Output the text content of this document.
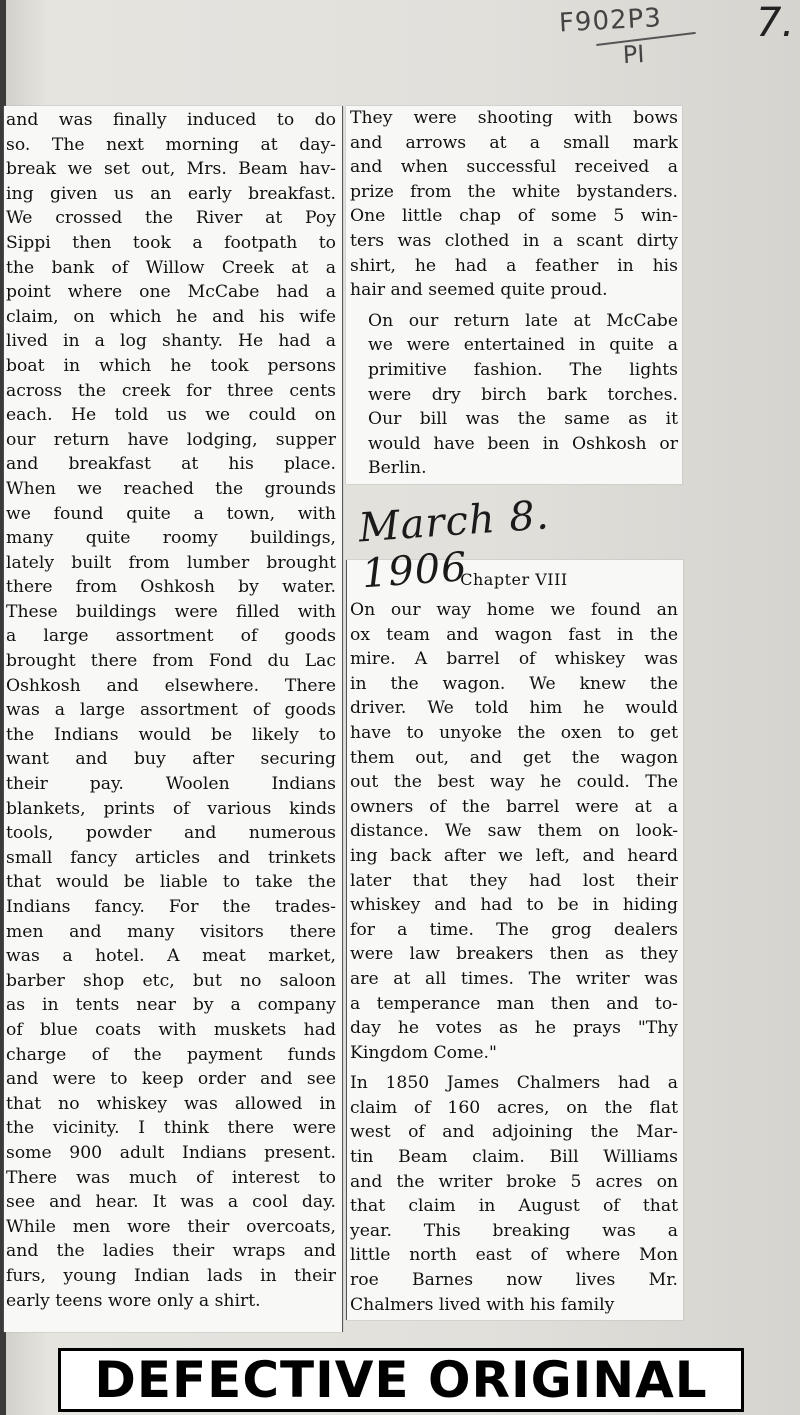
F902P3
PI
7.
and was finally induced to do
so. The next morning at day-
break we set out, Mrs. Beam hav-
ing given us an early breakfast.
We crossed the River at Poy
Sippi then took a footpath to
the bank of Willow Creek at a
point where one McCabe had a
claim, on which he and his wife
lived in a log shanty. He had a
boat in which he took persons
across the creek for three cents
each. He told us we could on
our return have lodging, supper
and breakfast at his place.
When we reached the grounds
we found quite a town, with
many quite roomy buildings,
lately built from lumber brought
there from Oshkosh by water.
These buildings were filled with
a large assortment of goods
brought there from Fond du Lac
Oshkosh and elsewhere. There
was a large assortment of goods
the Indians would be likely to
want and buy after securing
their pay. Woolen Indians
blankets, prints of various kinds
tools, powder and numerous
small fancy articles and trinkets
that would be liable to take the
Indians fancy. For the trades-
men and many visitors there
was a hotel. A meat market,
barber shop etc, but no saloon
as in tents near by a company
of blue coats with muskets had
charge of the payment funds
and were to keep order and see
that no whiskey was allowed in
the vicinity. I think there were
some 900 adult Indians present.
There was much of interest to
see and hear. It was a cool day.
While men wore their overcoats,
and the ladies their wraps and
furs, young Indian lads in their
early teens wore only a shirt.
They were shooting with bows
and arrows at a small mark
and when successful received a
prize from the white bystanders.
One little chap of some 5 win-
ters was clothed in a scant dirty
shirt, he had a feather in his
hair and seemed quite proud.
On our return late at McCabe
we were entertained in quite a
primitive fashion. The lights
were dry birch bark torches.
Our bill was the same as it
would have been in Oshkosh or
Berlin.
March 8. 1906
Chapter VIII
On our way home we found an
ox team and wagon fast in the
mire. A barrel of whiskey was
in the wagon. We knew the
driver. We told him he would
have to unyoke the oxen to get
them out, and get the wagon
out the best way he could. The
owners of the barrel were at a
distance. We saw them on look-
ing back after we left, and heard
later that they had lost their
whiskey and had to be in hiding
for a time. The grog dealers
were law breakers then as they
are at all times. The writer was
a temperance man then and to-
day he votes as he prays "Thy
Kingdom Come."
In 1850 James Chalmers had a
claim of 160 acres, on the flat
west of and adjoining the Mar-
tin Beam claim. Bill Williams
and the writer broke 5 acres on
that claim in August of that
year. This breaking was a
little north east of where Mon
roe Barnes now lives Mr.
Chalmers lived with his family
DEFECTIVE ORIGINAL
